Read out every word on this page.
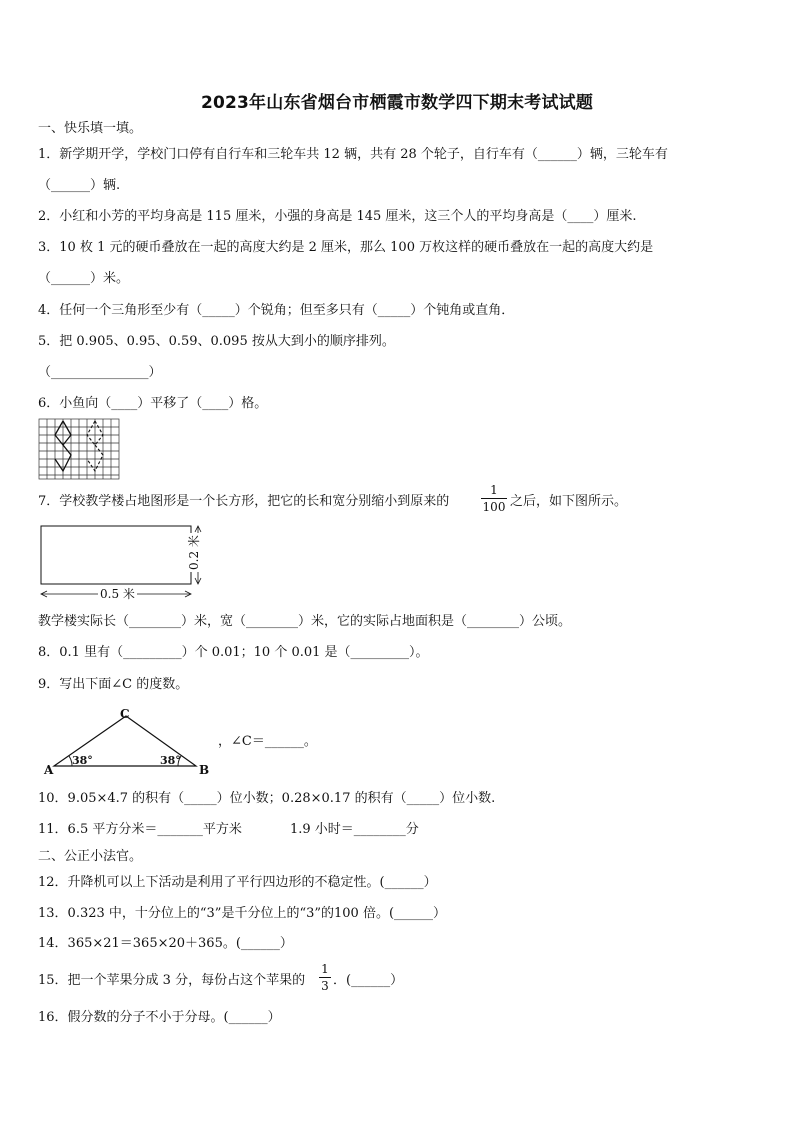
2023年山东省烟台市栖霞市数学四下期末考试试题
一、快乐填一填。
1．新学期开学，学校门口停有自行车和三轮车共 12 辆，共有 28 个轮子，自行车有（______）辆，三轮车有
（______）辆.
2．小红和小芳的平均身高是 115 厘米，小强的身高是 145 厘米，这三个人的平均身高是（____）厘米.
3．10 枚 1 元的硬币叠放在一起的高度大约是 2 厘米，那么 100 万枚这样的硬币叠放在一起的高度大约是
（______）米。
4．任何一个三角形至少有（_____）个锐角；但至多只有（_____）个钝角或直角．
5．把 0.905、0.95、0.59、0.095 按从大到小的顺序排列。
（_______________）
6．小鱼向（____）平移了（____）格。
7．学校教学楼占地图形是一个长方形，把它的长和宽分别缩小到原来的
1
100 之后，如下图所示。
0.5 米
0.2 米
教学楼实际长（________）米，宽（________）米，它的实际占地面积是（________）公顷。
8．0.1 里有（_________）个 0.01；10 个 0.01 是（_________）。
9．写出下面∠C 的度数。
C
A	B
38°	38°
，∠C＝______。
10．9.05×4.7 的积有（_____）位小数；0.28×0.17 的积有（_____）位小数.
11．6.5 平方分米＝_______平方米	1.9 小时＝________分
二、公正小法官。
12．升降机可以上下活动是利用了平行四边形的不稳定性。(______）
13．0.323 中，十分位上的“3”是千分位上的“3”的100 倍。(______）
14．365×21＝365×20＋365。(______）
15．把一个苹果分成 3 分，每份占这个苹果的
1
3 ．(______）
16．假分数的分子不小于分母。(______）
